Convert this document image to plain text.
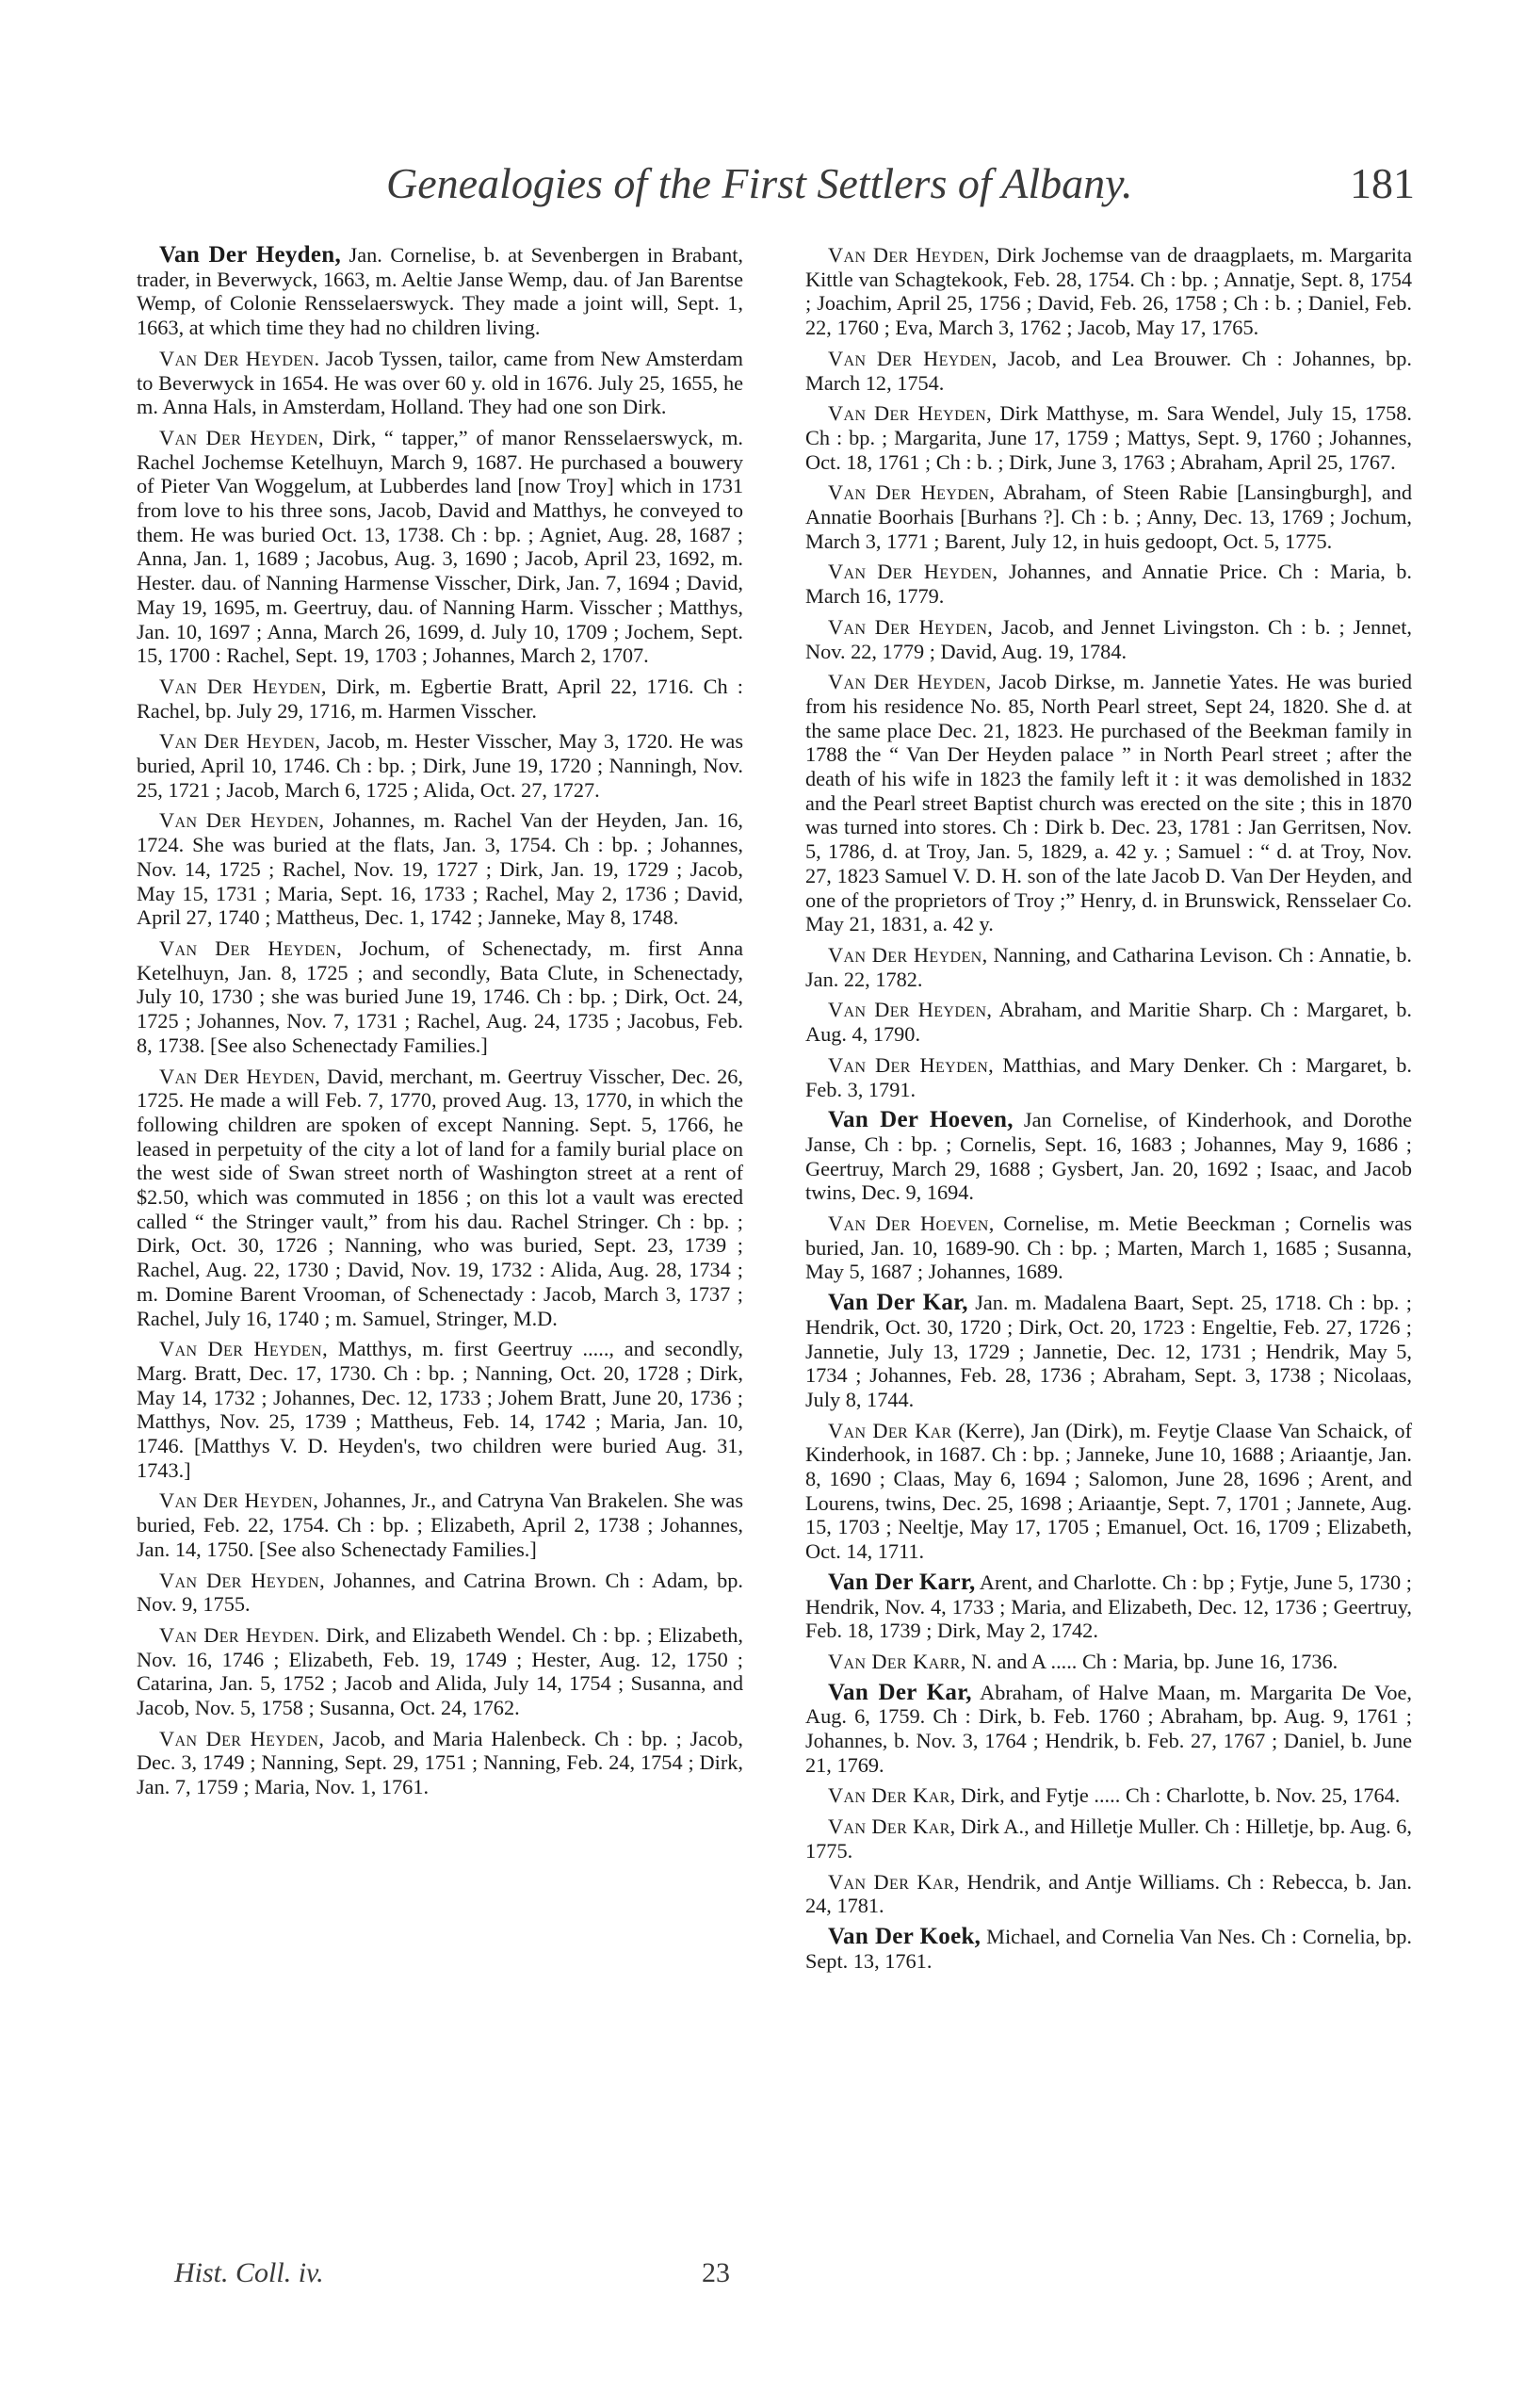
Genealogies of the First Settlers of Albany.	181

Van Der Heyden, Jan. Cornelise, b. at Sevenbergen in Brabant, trader, in Beverwyck, 1663, m. Aeltie Janse Wemp, dau. of Jan Barentse Wemp, of Colonie Rensselaerswyck. They made a joint will, Sept. 1, 1663, at which time they had no children living.

Van Der Heyden. Jacob Tyssen, tailor, came from New Amsterdam to Beverwyck in 1654. He was over 60 y. old in 1676. July 25, 1655, he m. Anna Hals, in Amsterdam, Holland. They had one son Dirk.

Van Der Heyden, Dirk, “ tapper,” of manor Rensselaerswyck, m. Rachel Jochemse Ketelhuyn, March 9, 1687. He purchased a bouwery of Pieter Van Woggelum, at Lubberdes land [now Troy] which in 1731 from love to his three sons, Jacob, David and Matthys, he conveyed to them. He was buried Oct. 13, 1738. Ch : bp. ; Agniet, Aug. 28, 1687 ; Anna, Jan. 1, 1689 ; Jacobus, Aug. 3, 1690 ; Jacob, April 23, 1692, m. Hester. dau. of Nanning Harmense Visscher, Dirk, Jan. 7, 1694 ; David, May 19, 1695, m. Geertruy, dau. of Nanning Harm. Visscher ; Matthys, Jan. 10, 1697 ; Anna, March 26, 1699, d. July 10, 1709 ; Jochem, Sept. 15, 1700 : Rachel, Sept. 19, 1703 ; Johannes, March 2, 1707.

Van Der Heyden, Dirk, m. Egbertie Bratt, April 22, 1716. Ch : Rachel, bp. July 29, 1716, m. Harmen Visscher.

Van Der Heyden, Jacob, m. Hester Visscher, May 3, 1720. He was buried, April 10, 1746. Ch : bp. ; Dirk, June 19, 1720 ; Nanningh, Nov. 25, 1721 ; Jacob, March 6, 1725 ; Alida, Oct. 27, 1727.

Van Der Heyden, Johannes, m. Rachel Van der Heyden, Jan. 16, 1724. She was buried at the flats, Jan. 3, 1754. Ch : bp. ; Johannes, Nov. 14, 1725 ; Rachel, Nov. 19, 1727 ; Dirk, Jan. 19, 1729 ; Jacob, May 15, 1731 ; Maria, Sept. 16, 1733 ; Rachel, May 2, 1736 ; David, April 27, 1740 ; Mattheus, Dec. 1, 1742 ; Janneke, May 8, 1748.

Van Der Heyden, Jochum, of Schenectady, m. first Anna Ketelhuyn, Jan. 8, 1725 ; and secondly, Bata Clute, in Schenectady, July 10, 1730 ; she was buried June 19, 1746. Ch : bp. ; Dirk, Oct. 24, 1725 ; Johannes, Nov. 7, 1731 ; Rachel, Aug. 24, 1735 ; Jacobus, Feb. 8, 1738. [See also Schenectady Families.]

Van Der Heyden, David, merchant, m. Geertruy Visscher, Dec. 26, 1725. He made a will Feb. 7, 1770, proved Aug. 13, 1770, in which the following children are spoken of except Nanning. Sept. 5, 1766, he leased in perpetuity of the city a lot of land for a family burial place on the west side of Swan street north of Washington street at a rent of $2.50, which was commuted in 1856 ; on this lot a vault was erected called “ the Stringer vault,” from his dau. Rachel Stringer. Ch : bp. ; Dirk, Oct. 30, 1726 ; Nanning, who was buried, Sept. 23, 1739 ; Rachel, Aug. 22, 1730 ; David, Nov. 19, 1732 : Alida, Aug. 28, 1734 ; m. Domine Barent Vrooman, of Schenectady : Jacob, March 3, 1737 ; Rachel, July 16, 1740 ; m. Samuel, Stringer, M.D.

Van Der Heyden, Matthys, m. first Geertruy ....., and secondly, Marg. Bratt, Dec. 17, 1730. Ch : bp. ; Nanning, Oct. 20, 1728 ; Dirk, May 14, 1732 ; Johannes, Dec. 12, 1733 ; Johem Bratt, June 20, 1736 ; Matthys, Nov. 25, 1739 ; Mattheus, Feb. 14, 1742 ; Maria, Jan. 10, 1746. [Matthys V. D. Heyden's, two children were buried Aug. 31, 1743.]

Van Der Heyden, Johannes, Jr., and Catryna Van Brakelen. She was buried, Feb. 22, 1754. Ch : bp. ; Elizabeth, April 2, 1738 ; Johannes, Jan. 14, 1750. [See also Schenectady Families.]

Van Der Heyden, Johannes, and Catrina Brown. Ch : Adam, bp. Nov. 9, 1755.

Van Der Heyden. Dirk, and Elizabeth Wendel. Ch : bp. ; Elizabeth, Nov. 16, 1746 ; Elizabeth, Feb. 19, 1749 ; Hester, Aug. 12, 1750 ; Catarina, Jan. 5, 1752 ; Jacob and Alida, July 14, 1754 ; Susanna, and Jacob, Nov. 5, 1758 ; Susanna, Oct. 24, 1762.

Van Der Heyden, Jacob, and Maria Halenbeck. Ch : bp. ; Jacob, Dec. 3, 1749 ; Nanning, Sept. 29, 1751 ; Nanning, Feb. 24, 1754 ; Dirk, Jan. 7, 1759 ; Maria, Nov. 1, 1761.

Van Der Heyden, Dirk Jochemse van de draagplaets, m. Margarita Kittle van Schagtekook, Feb. 28, 1754. Ch : bp. ; Annatje, Sept. 8, 1754 ; Joachim, April 25, 1756 ; David, Feb. 26, 1758 ; Ch : b. ; Daniel, Feb. 22, 1760 ; Eva, March 3, 1762 ; Jacob, May 17, 1765.

Van Der Heyden, Jacob, and Lea Brouwer. Ch : Johannes, bp. March 12, 1754.

Van Der Heyden, Dirk Matthyse, m. Sara Wendel, July 15, 1758. Ch : bp. ; Margarita, June 17, 1759 ; Mattys, Sept. 9, 1760 ; Johannes, Oct. 18, 1761 ; Ch : b. ; Dirk, June 3, 1763 ; Abraham, April 25, 1767.

Van Der Heyden, Abraham, of Steen Rabie [Lansingburgh], and Annatie Boorhais [Burhans ?]. Ch : b. ; Anny, Dec. 13, 1769 ; Jochum, March 3, 1771 ; Barent, July 12, in huis gedoopt, Oct. 5, 1775.

Van Der Heyden, Johannes, and Annatie Price. Ch : Maria, b. March 16, 1779.

Van Der Heyden, Jacob, and Jennet Livingston. Ch : b. ; Jennet, Nov. 22, 1779 ; David, Aug. 19, 1784.

Van Der Heyden, Jacob Dirkse, m. Jannetie Yates. He was buried from his residence No. 85, North Pearl street, Sept 24, 1820. She d. at the same place Dec. 21, 1823. He purchased of the Beekman family in 1788 the “ Van Der Heyden palace ” in North Pearl street ; after the death of his wife in 1823 the family left it : it was demolished in 1832 and the Pearl street Baptist church was erected on the site ; this in 1870 was turned into stores. Ch : Dirk b. Dec. 23, 1781 : Jan Gerritsen, Nov. 5, 1786, d. at Troy, Jan. 5, 1829, a. 42 y. ; Samuel : “ d. at Troy, Nov. 27, 1823 Samuel V. D. H. son of the late Jacob D. Van Der Heyden, and one of the proprietors of Troy ;” Henry, d. in Brunswick, Rensselaer Co. May 21, 1831, a. 42 y.

Van Der Heyden, Nanning, and Catharina Levison. Ch : Annatie, b. Jan. 22, 1782.

Van Der Heyden, Abraham, and Maritie Sharp. Ch : Margaret, b. Aug. 4, 1790.

Van Der Heyden, Matthias, and Mary Denker. Ch : Margaret, b. Feb. 3, 1791.

Van Der Hoeven, Jan Cornelise, of Kinderhook, and Dorothe Janse, Ch : bp. ; Cornelis, Sept. 16, 1683 ; Johannes, May 9, 1686 ; Geertruy, March 29, 1688 ; Gysbert, Jan. 20, 1692 ; Isaac, and Jacob twins, Dec. 9, 1694.

Van Der Hoeven, Cornelise, m. Metie Beeckman ; Cornelis was buried, Jan. 10, 1689-90. Ch : bp. ; Marten, March 1, 1685 ; Susanna, May 5, 1687 ; Johannes, 1689.

Van Der Kar, Jan. m. Madalena Baart, Sept. 25, 1718. Ch : bp. ; Hendrik, Oct. 30, 1720 ; Dirk, Oct. 20, 1723 : Engeltie, Feb. 27, 1726 ; Jannetie, July 13, 1729 ; Jannetie, Dec. 12, 1731 ; Hendrik, May 5, 1734 ; Johannes, Feb. 28, 1736 ; Abraham, Sept. 3, 1738 ; Nicolaas, July 8, 1744.

Van Der Kar (Kerre), Jan (Dirk), m. Feytje Claase Van Schaick, of Kinderhook, in 1687. Ch : bp. ; Janneke, June 10, 1688 ; Ariaantje, Jan. 8, 1690 ; Claas, May 6, 1694 ; Salomon, June 28, 1696 ; Arent, and Lourens, twins, Dec. 25, 1698 ; Ariaantje, Sept. 7, 1701 ; Jannete, Aug. 15, 1703 ; Neeltje, May 17, 1705 ; Emanuel, Oct. 16, 1709 ; Elizabeth, Oct. 14, 1711.

Van Der Karr, Arent, and Charlotte. Ch : bp ; Fytje, June 5, 1730 ; Hendrik, Nov. 4, 1733 ; Maria, and Elizabeth, Dec. 12, 1736 ; Geertruy, Feb. 18, 1739 ; Dirk, May 2, 1742.

Van Der Karr, N. and A ..... Ch : Maria, bp. June 16, 1736.

Van Der Kar, Abraham, of Halve Maan, m. Margarita De Voe, Aug. 6, 1759. Ch : Dirk, b. Feb. 1760 ; Abraham, bp. Aug. 9, 1761 ; Johannes, b. Nov. 3, 1764 ; Hendrik, b. Feb. 27, 1767 ; Daniel, b. June 21, 1769.

Van Der Kar, Dirk, and Fytje ..... Ch : Charlotte, b. Nov. 25, 1764.

Van Der Kar, Dirk A., and Hilletje Muller. Ch : Hilletje, bp. Aug. 6, 1775.

Van Der Kar, Hendrik, and Antje Williams. Ch : Rebecca, b. Jan. 24, 1781.

Van Der Koek, Michael, and Cornelia Van Nes. Ch : Cornelia, bp. Sept. 13, 1761.

Hist. Coll. iv.	23
